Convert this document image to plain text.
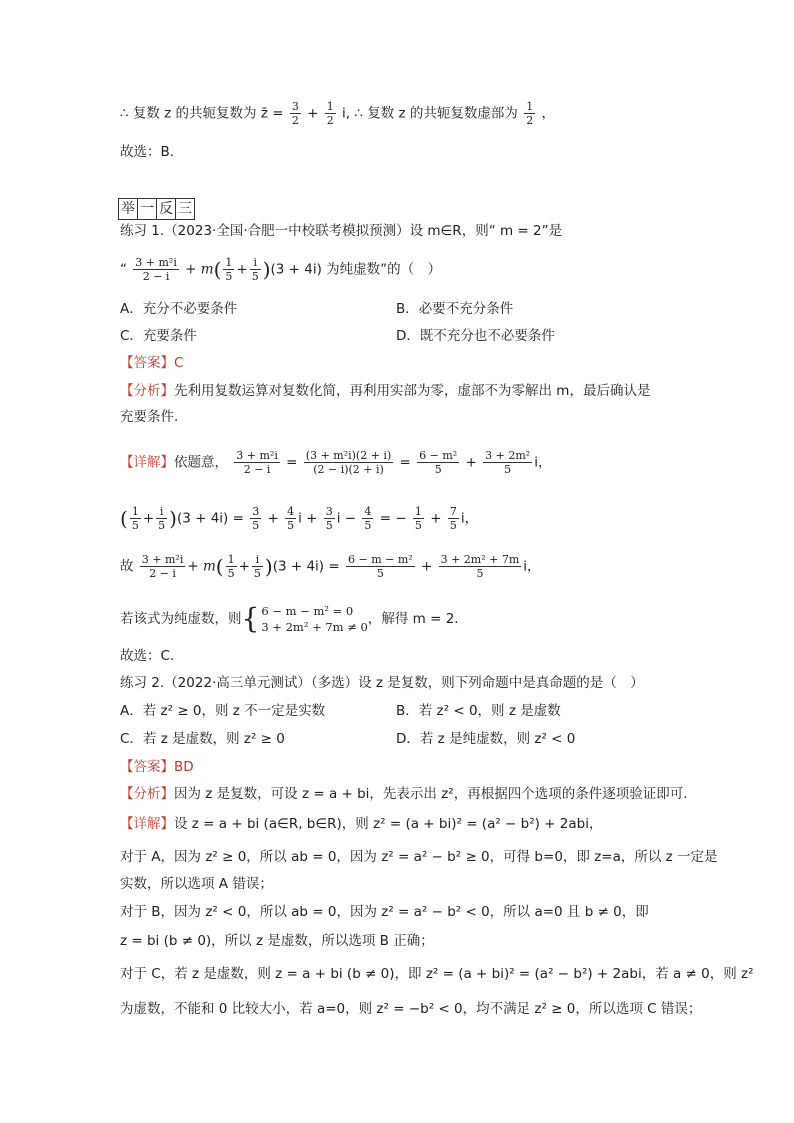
∴ 复数 z 的共轭复数为 z̄ = $\frac{3}{2} + \frac{1}{2} i$, ∴ 复数 z 的共轭复数虚部为 $\frac{1}{2}$ ，
故选：B.
举 一 反 三
练习 1.（2023·全国·合肥一中校联考模拟预测）设 m∈R，则“ m = 2”是
“ $\frac{\text{3 + m²i}}{2 - i} + m( \frac{1}{5} + \frac{i}{5} )(3 + 4i)$ 为纯虚数”的（　）
A．充分不必要条件	B．必要不充分条件
C．充要条件	D．既不充分也不必要条件
【答案】C
【分析】先利用复数运算对复数化简，再利用实部为零，虚部不为零解出 m，最后确认是
充要条件.
【详解】依题意， $\frac{\text{3 + m²i}}{2 - i} = \frac{\text{(3 + m²i)(2 + i)}}{(2 - i)(2 + i)} = \frac{\text{6 − m²}}{5} + \frac{\text{3 + 2m²}}{5}$ i，
( $\frac{1}{5} + \frac{i}{5} )(3 + 4i) = \frac{3}{5} + \frac{4}{5}$ $i + \frac{3}{5}$ $i - \frac{4}{5}$ = − $\frac{1}{5} + \frac{7}{5}$ i，
故 $\frac{\text{3 + m²i}}{2 - i} + m( \frac{1}{5} + \frac{i}{5} )(3 + 4i) = \frac{\text{6 − m − m²}}{5} + \frac{\text{3 + 2m² + 7m}}{5}$ i，
若该式为纯虚数，则{ 6 − m − m² = 0
3 + 2m² + 7m ≠ 0 ，解得 m = 2.
故选：C.
练习 2.（2022·高三单元测试）（多选）设 z 是复数，则下列命题中是真命题的是（　）
A．若 z² ≥ 0，则 z 不一定是实数	B．若 z² < 0，则 z 是虚数
C．若 z 是虚数，则 z² ≥ 0	D．若 z 是纯虚数，则 z² < 0
【答案】BD
【分析】因为 z 是复数，可设 z = a + bi，先表示出 z²，再根据四个选项的条件逐项验证即可.
【详解】设 z = a + bi (a∈R, b∈R)，则 z² = (a + bi)² = (a² − b²) + 2abi，
对于 A，因为 z² ≥ 0，所以 ab = 0，因为 z² = a² − b² ≥ 0，可得 b=0，即 z=a，所以 z 一定是
实数，所以选项 A 错误；
对于 B，因为 z² < 0，所以 ab = 0，因为 z² = a² − b² < 0，所以 a=0 且 b ≠ 0，即
z = bi (b ≠ 0)，所以 z 是虚数，所以选项 B 正确；
对于 C，若 z 是虚数，则 z = a + bi (b ≠ 0)，即 z² = (a + bi)² = (a² − b²) + 2abi，若 a ≠ 0，则 z²
为虚数，不能和 0 比较大小，若 a=0，则 z² = −b² < 0，均不满足 z² ≥ 0，所以选项 C 错误；
